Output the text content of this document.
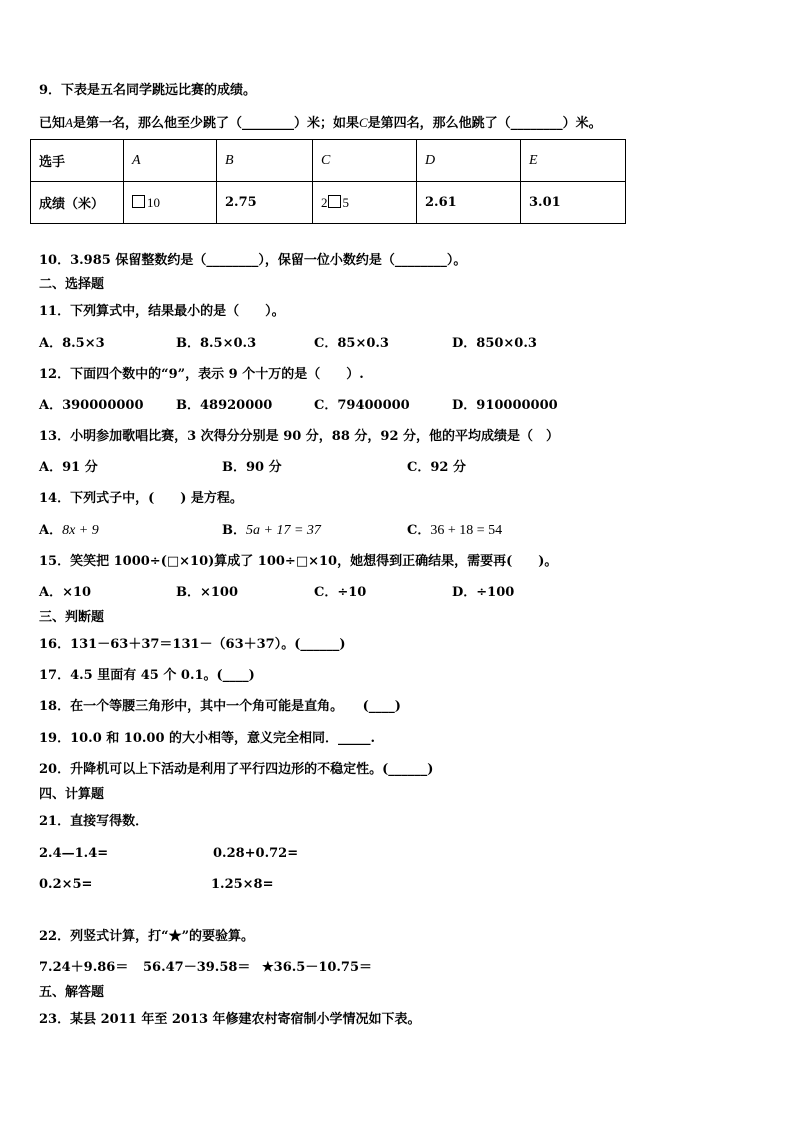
9．下表是五名同学跳远比赛的成绩。
已知A是第一名，那么他至少跳了（________）米；如果C是第四名，那么他跳了（________）米。
选手	A	B	C	D	E
成绩（米）	10	2.75	2 5	2.61	3.01
10．3.985 保留整数约是（________），保留一位小数约是（________）。
二、选择题
11．下列算式中，结果最小的是（　　）。
A．8.5×3	B．8.5×0.3	C．85×0.3	D．850×0.3
12．下面四个数中的“9”，表示 9 个十万的是（　　）.
A．390000000	B．48920000	C．79400000	D．910000000
13．小明参加歌唱比赛，3 次得分分别是 90 分，88 分，92 分，他的平均成绩是（　）
A．91 分	B．90 分	C．92 分
14．下列式子中，(　　) 是方程。
A．8x + 9	B．5a + 17 = 37	C．36 + 18 = 54
15．笑笑把 1000÷(□×10)算成了 100÷□×10，她想得到正确结果，需要再(　　)。
A．×10	B．×100	C．÷10	D．÷100
三、判断题
16．131－63＋37＝131－（63＋37）。(______)
17．4.5 里面有 45 个 0.1。(____)
18．在一个等腰三角形中，其中一个角可能是直角。　　(____)
19．10.0 和 10.00 的大小相等，意义完全相同．_____.
20．升降机可以上下活动是利用了平行四边形的不稳定性。(______)
四、计算题
21．直接写得数．
2.4—1.4=	0.28+0.72=
0.2×5=	1.25×8=
22．列竖式计算，打“★”的要验算。
7.24＋9.86＝ 56.47－39.58＝ ★36.5－10.75＝
五、解答题
23．某县 2011 年至 2013 年修建农村寄宿制小学情况如下表。
